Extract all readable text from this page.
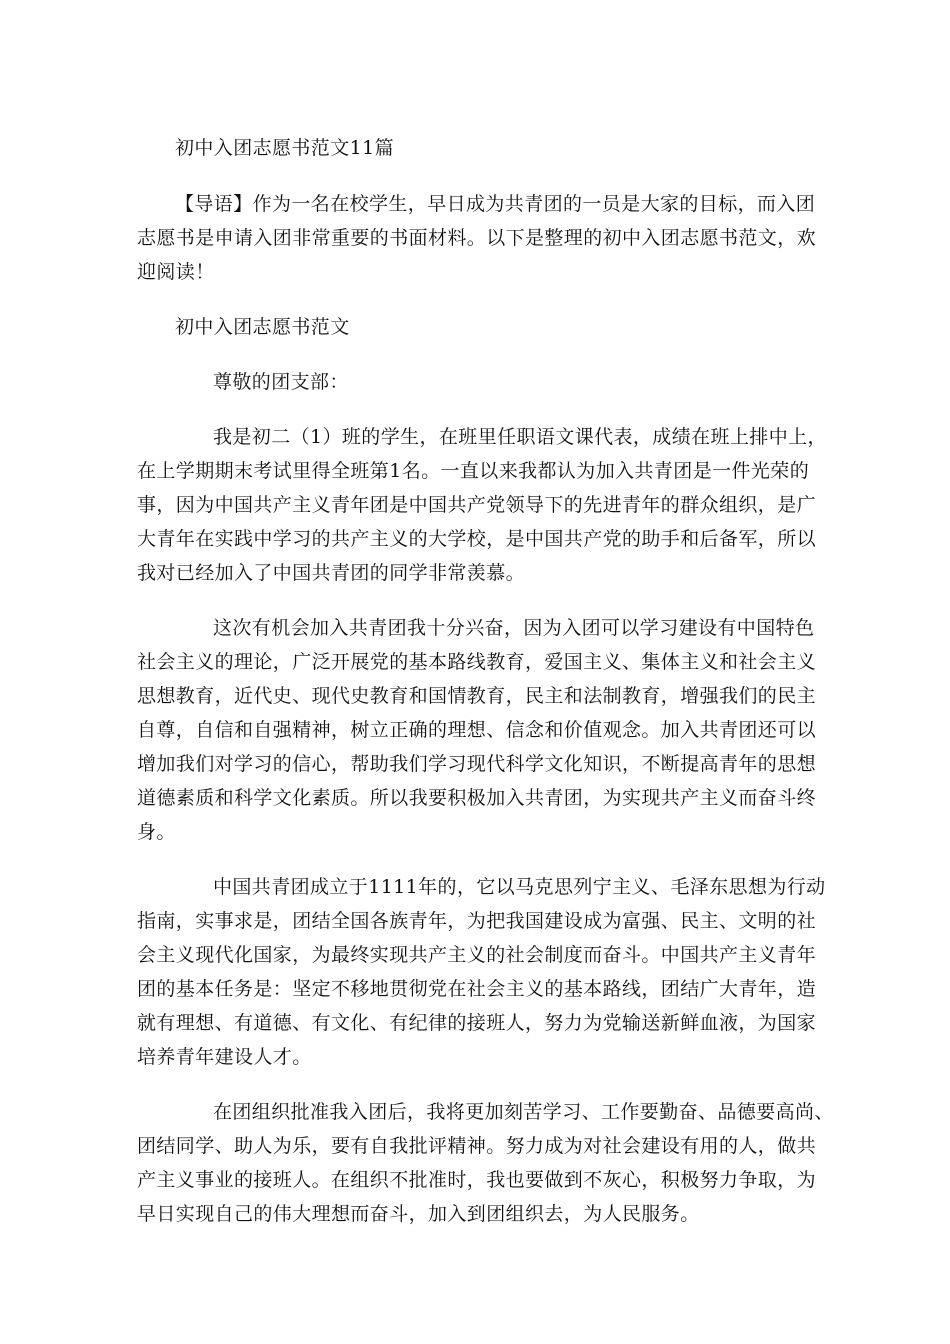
初中入团志愿书范文11篇
【导语】作为一名在校学生，早日成为共青团的一员是大家的目标，而入团
志愿书是申请入团非常重要的书面材料。以下是整理的初中入团志愿书范文，欢
迎阅读！
初中入团志愿书范文
尊敬的团支部：
我是初二（1）班的学生，在班里任职语文课代表，成绩在班上排中上，
在上学期期末考试里得全班第1名。一直以来我都认为加入共青团是一件光荣的
事，因为中国共产主义青年团是中国共产党领导下的先进青年的群众组织，是广
大青年在实践中学习的共产主义的大学校，是中国共产党的助手和后备军，所以
我对已经加入了中国共青团的同学非常羡慕。
这次有机会加入共青团我十分兴奋，因为入团可以学习建设有中国特色
社会主义的理论，广泛开展党的基本路线教育，爱国主义、集体主义和社会主义
思想教育，近代史、现代史教育和国情教育，民主和法制教育，增强我们的民主
自尊，自信和自强精神，树立正确的理想、信念和价值观念。加入共青团还可以
增加我们对学习的信心，帮助我们学习现代科学文化知识，不断提高青年的思想
道德素质和科学文化素质。所以我要积极加入共青团，为实现共产主义而奋斗终
身。
中国共青团成立于1111年的，它以马克思列宁主义、毛泽东思想为行动
指南，实事求是，团结全国各族青年，为把我国建设成为富强、民主、文明的社
会主义现代化国家，为最终实现共产主义的社会制度而奋斗。中国共产主义青年
团的基本任务是：坚定不移地贯彻党在社会主义的基本路线，团结广大青年，造
就有理想、有道德、有文化、有纪律的接班人，努力为党输送新鲜血液，为国家
培养青年建设人才。
在团组织批准我入团后，我将更加刻苦学习、工作要勤奋、品德要高尚、
团结同学、助人为乐，要有自我批评精神。努力成为对社会建设有用的人，做共
产主义事业的接班人。在组织不批准时，我也要做到不灰心，积极努力争取，为
早日实现自己的伟大理想而奋斗，加入到团组织去，为人民服务。
